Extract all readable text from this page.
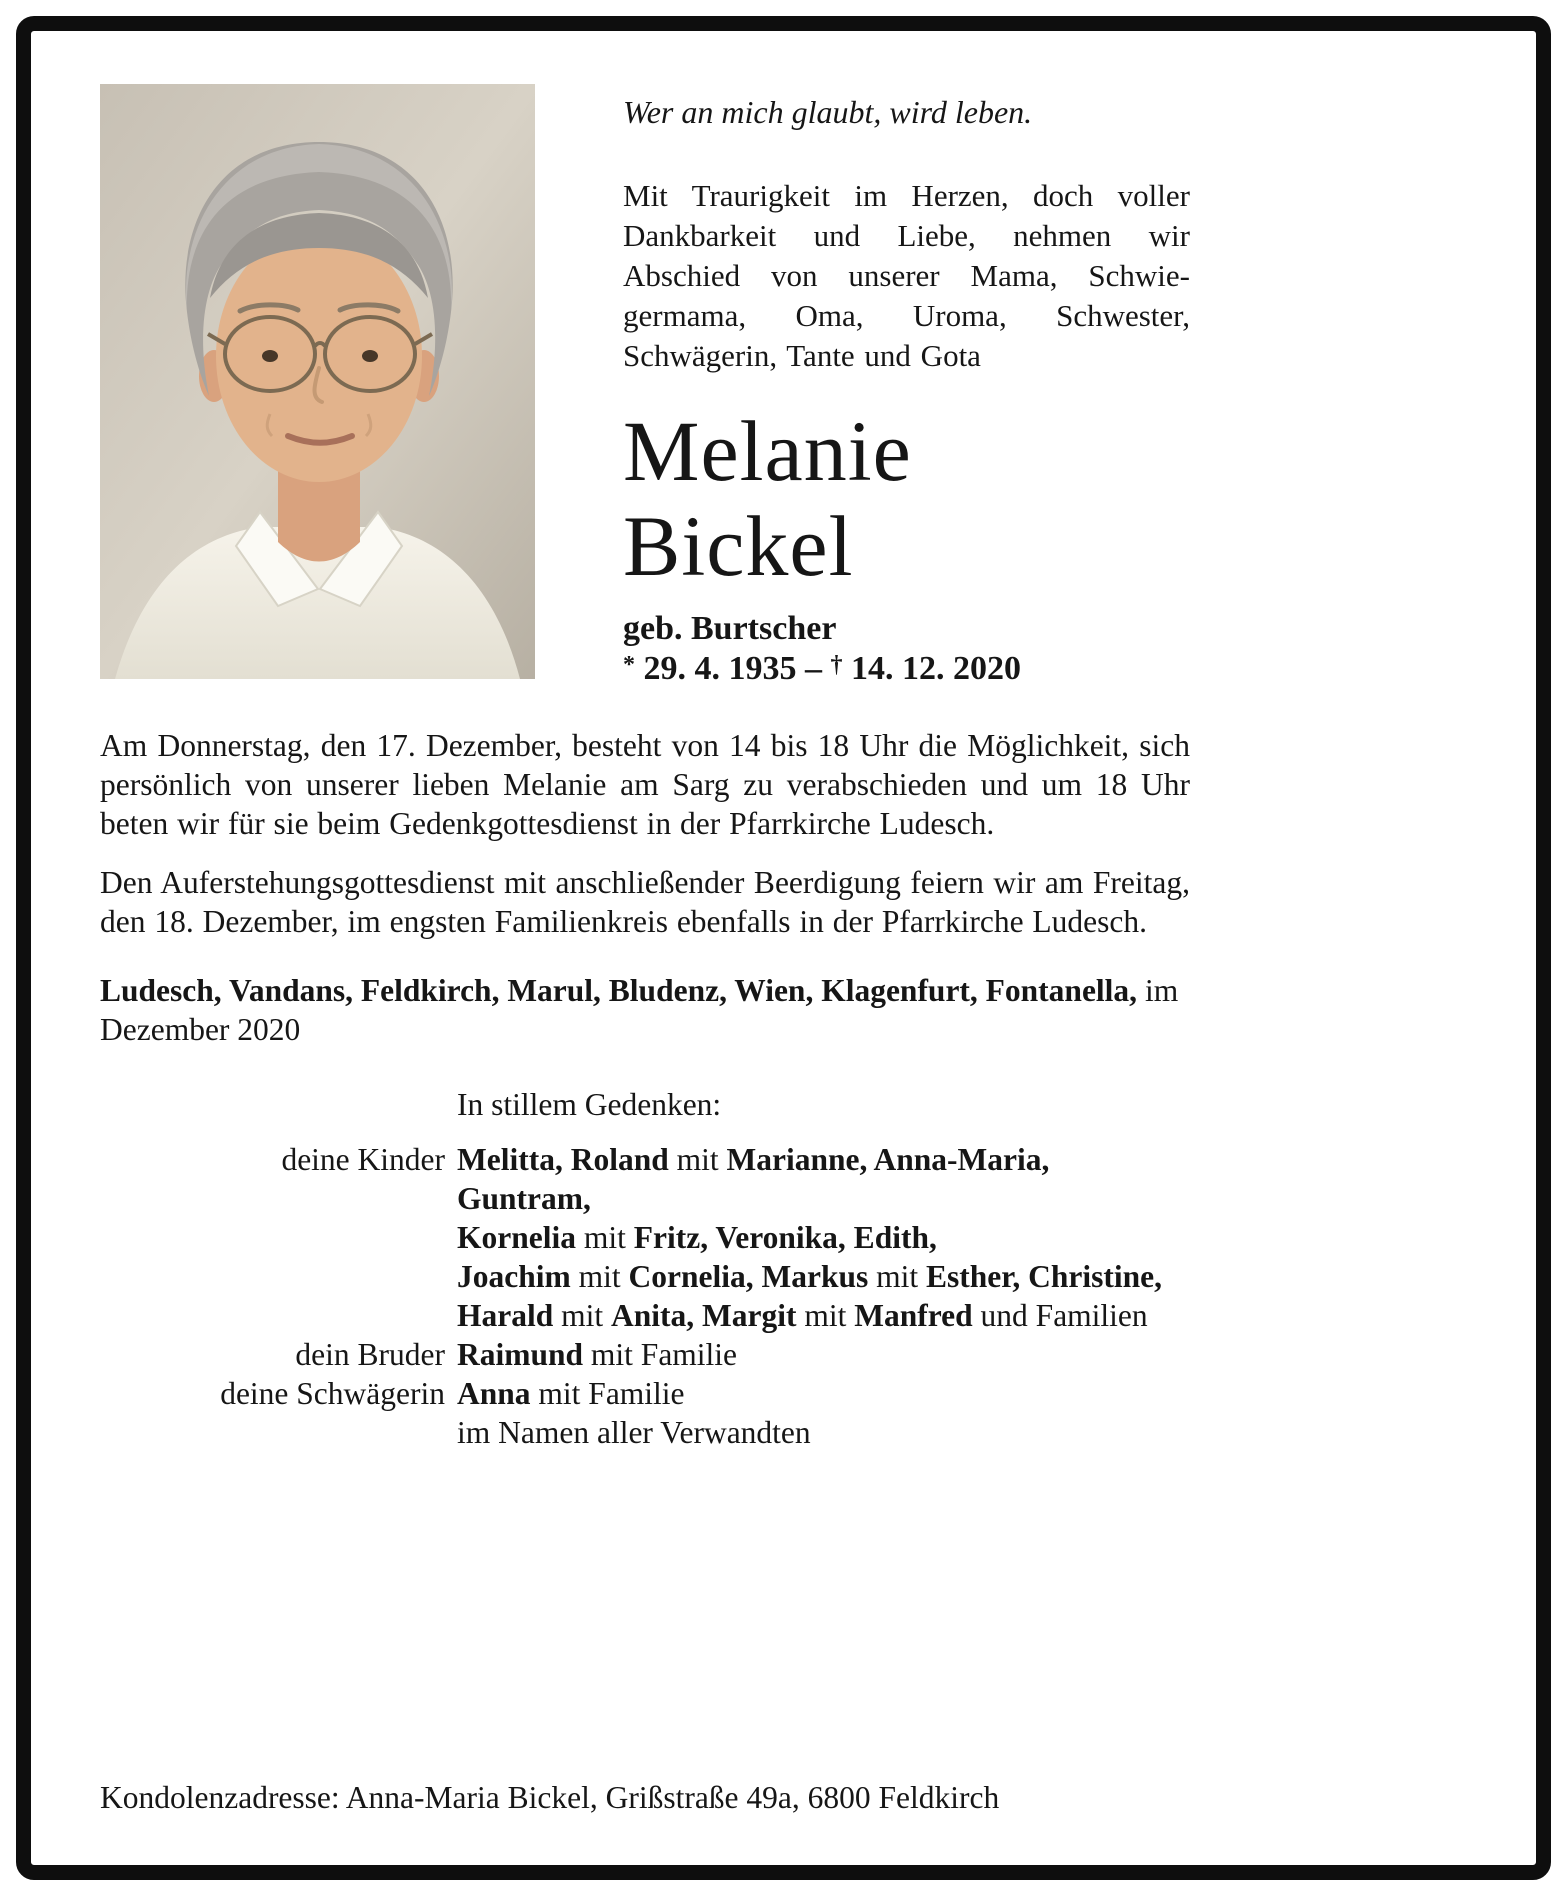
Wer an mich glaubt, wird leben.

Mit Traurigkeit im Herzen, doch voller Dankbarkeit und Liebe, nehmen wir Abschied von unserer Mama, Schwiegermama, Oma, Uroma, Schwester, Schwägerin, Tante und Gota

Melanie
Bickel
geb. Burtscher
* 29. 4. 1935 – † 14. 12. 2020

Am Donnerstag, den 17. Dezember, besteht von 14 bis 18 Uhr die Möglichkeit, sich persönlich von unserer lieben Melanie am Sarg zu verabschieden und um 18 Uhr beten wir für sie beim Gedenkgottesdienst in der Pfarrkirche Ludesch.

Den Auferstehungsgottesdienst mit anschließender Beerdigung feiern wir am Freitag, den 18. Dezember, im engsten Familienkreis ebenfalls in der Pfarrkirche Ludesch.

Ludesch, Vandans, Feldkirch, Marul, Bludenz, Wien, Klagenfurt, Fontanella, im Dezember 2020

In stillem Gedenken:
deine Kinder Melitta, Roland mit Marianne, Anna-Maria, Guntram,
Kornelia mit Fritz, Veronika, Edith,
Joachim mit Cornelia, Markus mit Esther, Christine,
Harald mit Anita, Margit mit Manfred und Familien
dein Bruder Raimund mit Familie
deine Schwägerin Anna mit Familie
im Namen aller Verwandten

Kondolenzadresse: Anna-Maria Bickel, Grißstraße 49a, 6800 Feldkirch
